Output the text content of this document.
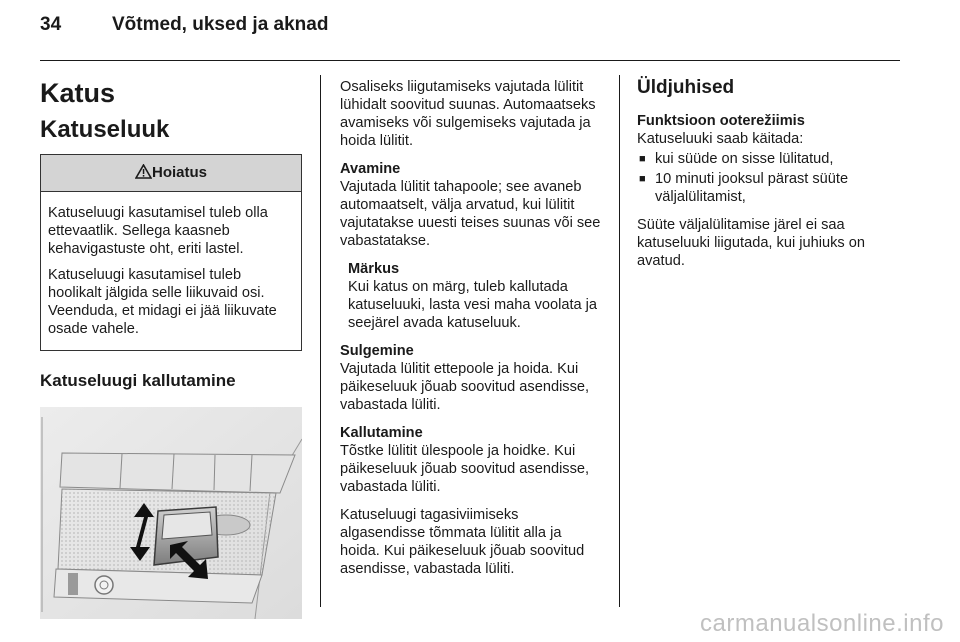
34	Võtmed, uksed ja aknad
Katus
Katuseluuk
Hoiatus

Katuseluugi kasutamisel tuleb olla ettevaatlik. Sellega kaasneb kehavigastuste oht, eriti lastel.

Katuseluugi kasutamisel tuleb hoolikalt jälgida selle liikuvaid osi. Veenduda, et midagi ei jää liikuvate osade vahele.

Katuseluugi kallutamine

Osaliseks liigutamiseks vajutada lülitit lühidalt soovitud suunas. Automaatseks avamiseks või sulgemiseks vajutada ja hoida lülitit.

Avamine
Vajutada lülitit tahapoole; see avaneb automaatselt, välja arvatud, kui lülitit vajutatakse uuesti teises suunas või see vabastatakse.

Märkus
Kui katus on märg, tuleb kallutada katuseluuki, lasta vesi maha voolata ja seejärel avada katuseluuk.

Sulgemine
Vajutada lülitit ettepoole ja hoida. Kui päikeseluuk jõuab soovitud asendisse, vabastada lüliti.

Kallutamine
Tõstke lülitit ülespoole ja hoidke. Kui päikeseluuk jõuab soovitud asendisse, vabastada lüliti.

Katuseluugi tagasiviimiseks algasendisse tõmmata lülitit alla ja hoida. Kui päikeseluuk jõuab soovitud asendisse, vabastada lüliti.

Üldjuhised

Funktsioon ooterežiimis
Katuseluuki saab käitada:

■ kui süüde on sisse lülitatud,
■ 10 minuti jooksul pärast süüte väljalülitamist,

Süüte väljalülitamise järel ei saa katuseluuki liigutada, kui juhiuks on avatud.

carmanualsonline.info
